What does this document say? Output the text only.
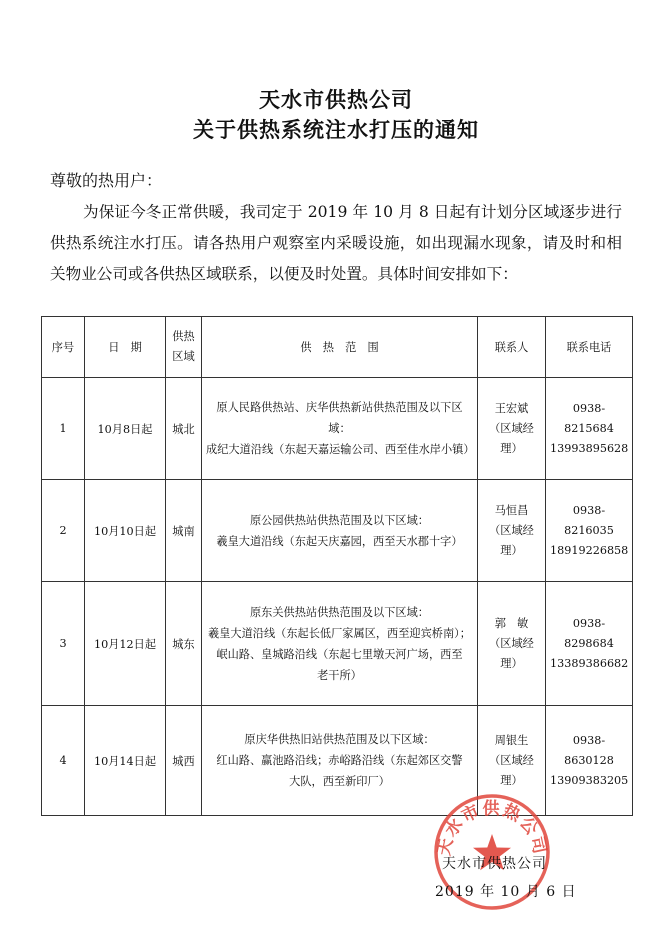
天水市供热公司
关于供热系统注水打压的通知

尊敬的热用户：

为保证今冬正常供暖，我司定于 2019 年 10 月 8 日起有计划分区域逐步进行供热系统注水打压。请各热用户观察室内采暖设施，如出现漏水现象，请及时和相关物业公司或各供热区域联系，以便及时处置。具体时间安排如下：

序号	日　期	供热
区域	供　热　范　围	联系人	联系电话
1	10月8日起	城北	原人民路供热站、庆华供热新站供热范围及以下区域：
成纪大道沿线（东起天嘉运输公司、西至佳水岸小镇）	王宏斌
（区域经理）	0938-8215684
13993895628

2	10月10日起	城南	原公园供热站供热范围及以下区域：
羲皇大道沿线（东起天庆嘉园，西至天水郡十字）	马恒昌
（区域经理）	0938-8216035
18919226858

3	10月12日起	城东	原东关供热站供热范围及以下区域：
羲皇大道沿线（东起长低厂家属区，西至迎宾桥南）；
岷山路、皇城路沿线（东起七里墩天河广场，西至
老干所）	郭　敏
（区域经理）	0938-8298684
13389386682

4	10月14日起	城西	原庆华供热旧站供热范围及以下区域：
红山路、赢池路沿线；赤峪路沿线（东起郊区交警
大队，西至新印厂）	周银生
（区域经理）	0938-8630128
13909383205
天水市供热公司

天水市供热公司

2019 年 10 月 6 日
